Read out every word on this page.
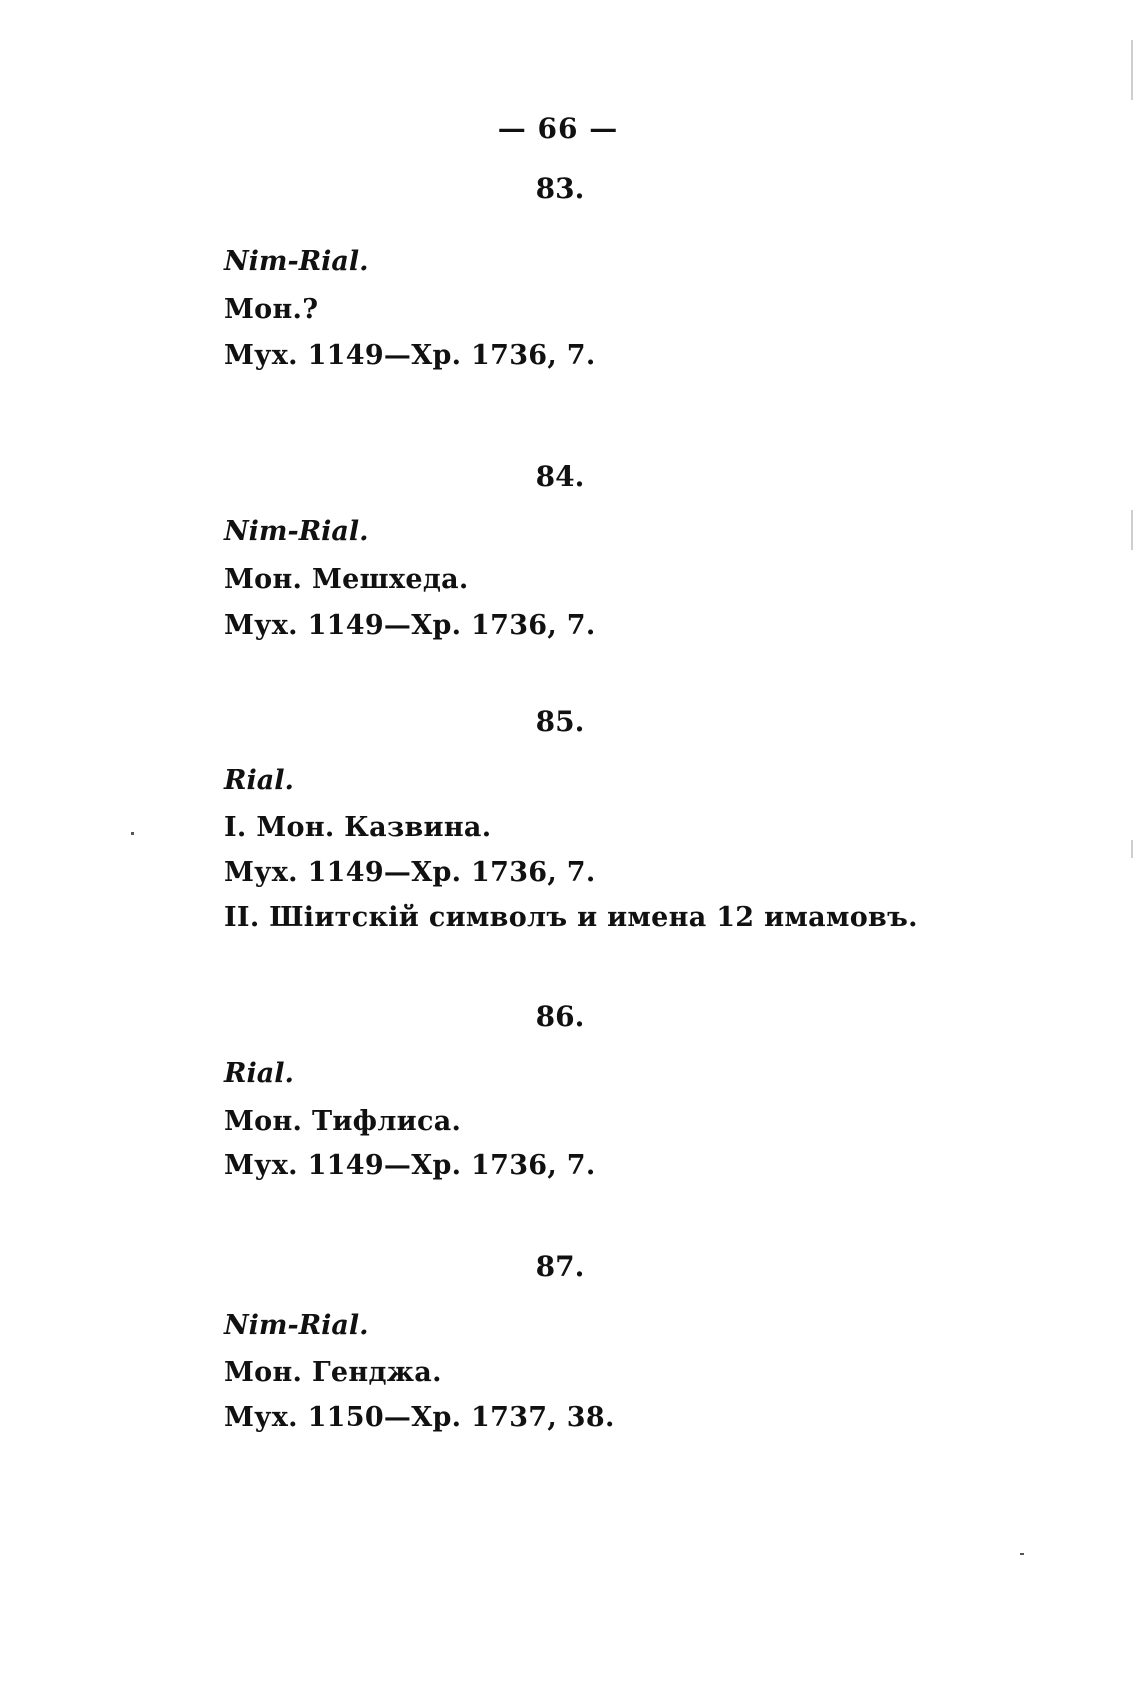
— 66 —
83.
Nim-Rial.
Мон.?
Мух. 1149—Хр. 1736, 7.
84.
Nim-Rial.
Мон. Мешхеда.
Мух. 1149—Хр. 1736, 7.
85.
Rial.
I. Мон. Казвина.
Мух. 1149—Хр. 1736, 7.
II. Шіитскій символъ и имена 12 имамовъ.
86.
Rial.
Мон. Тифлиса.
Мух. 1149—Хр. 1736, 7.
87.
Nim-Rial.
Мон. Генджа.
Мух. 1150—Хр. 1737, 38.
